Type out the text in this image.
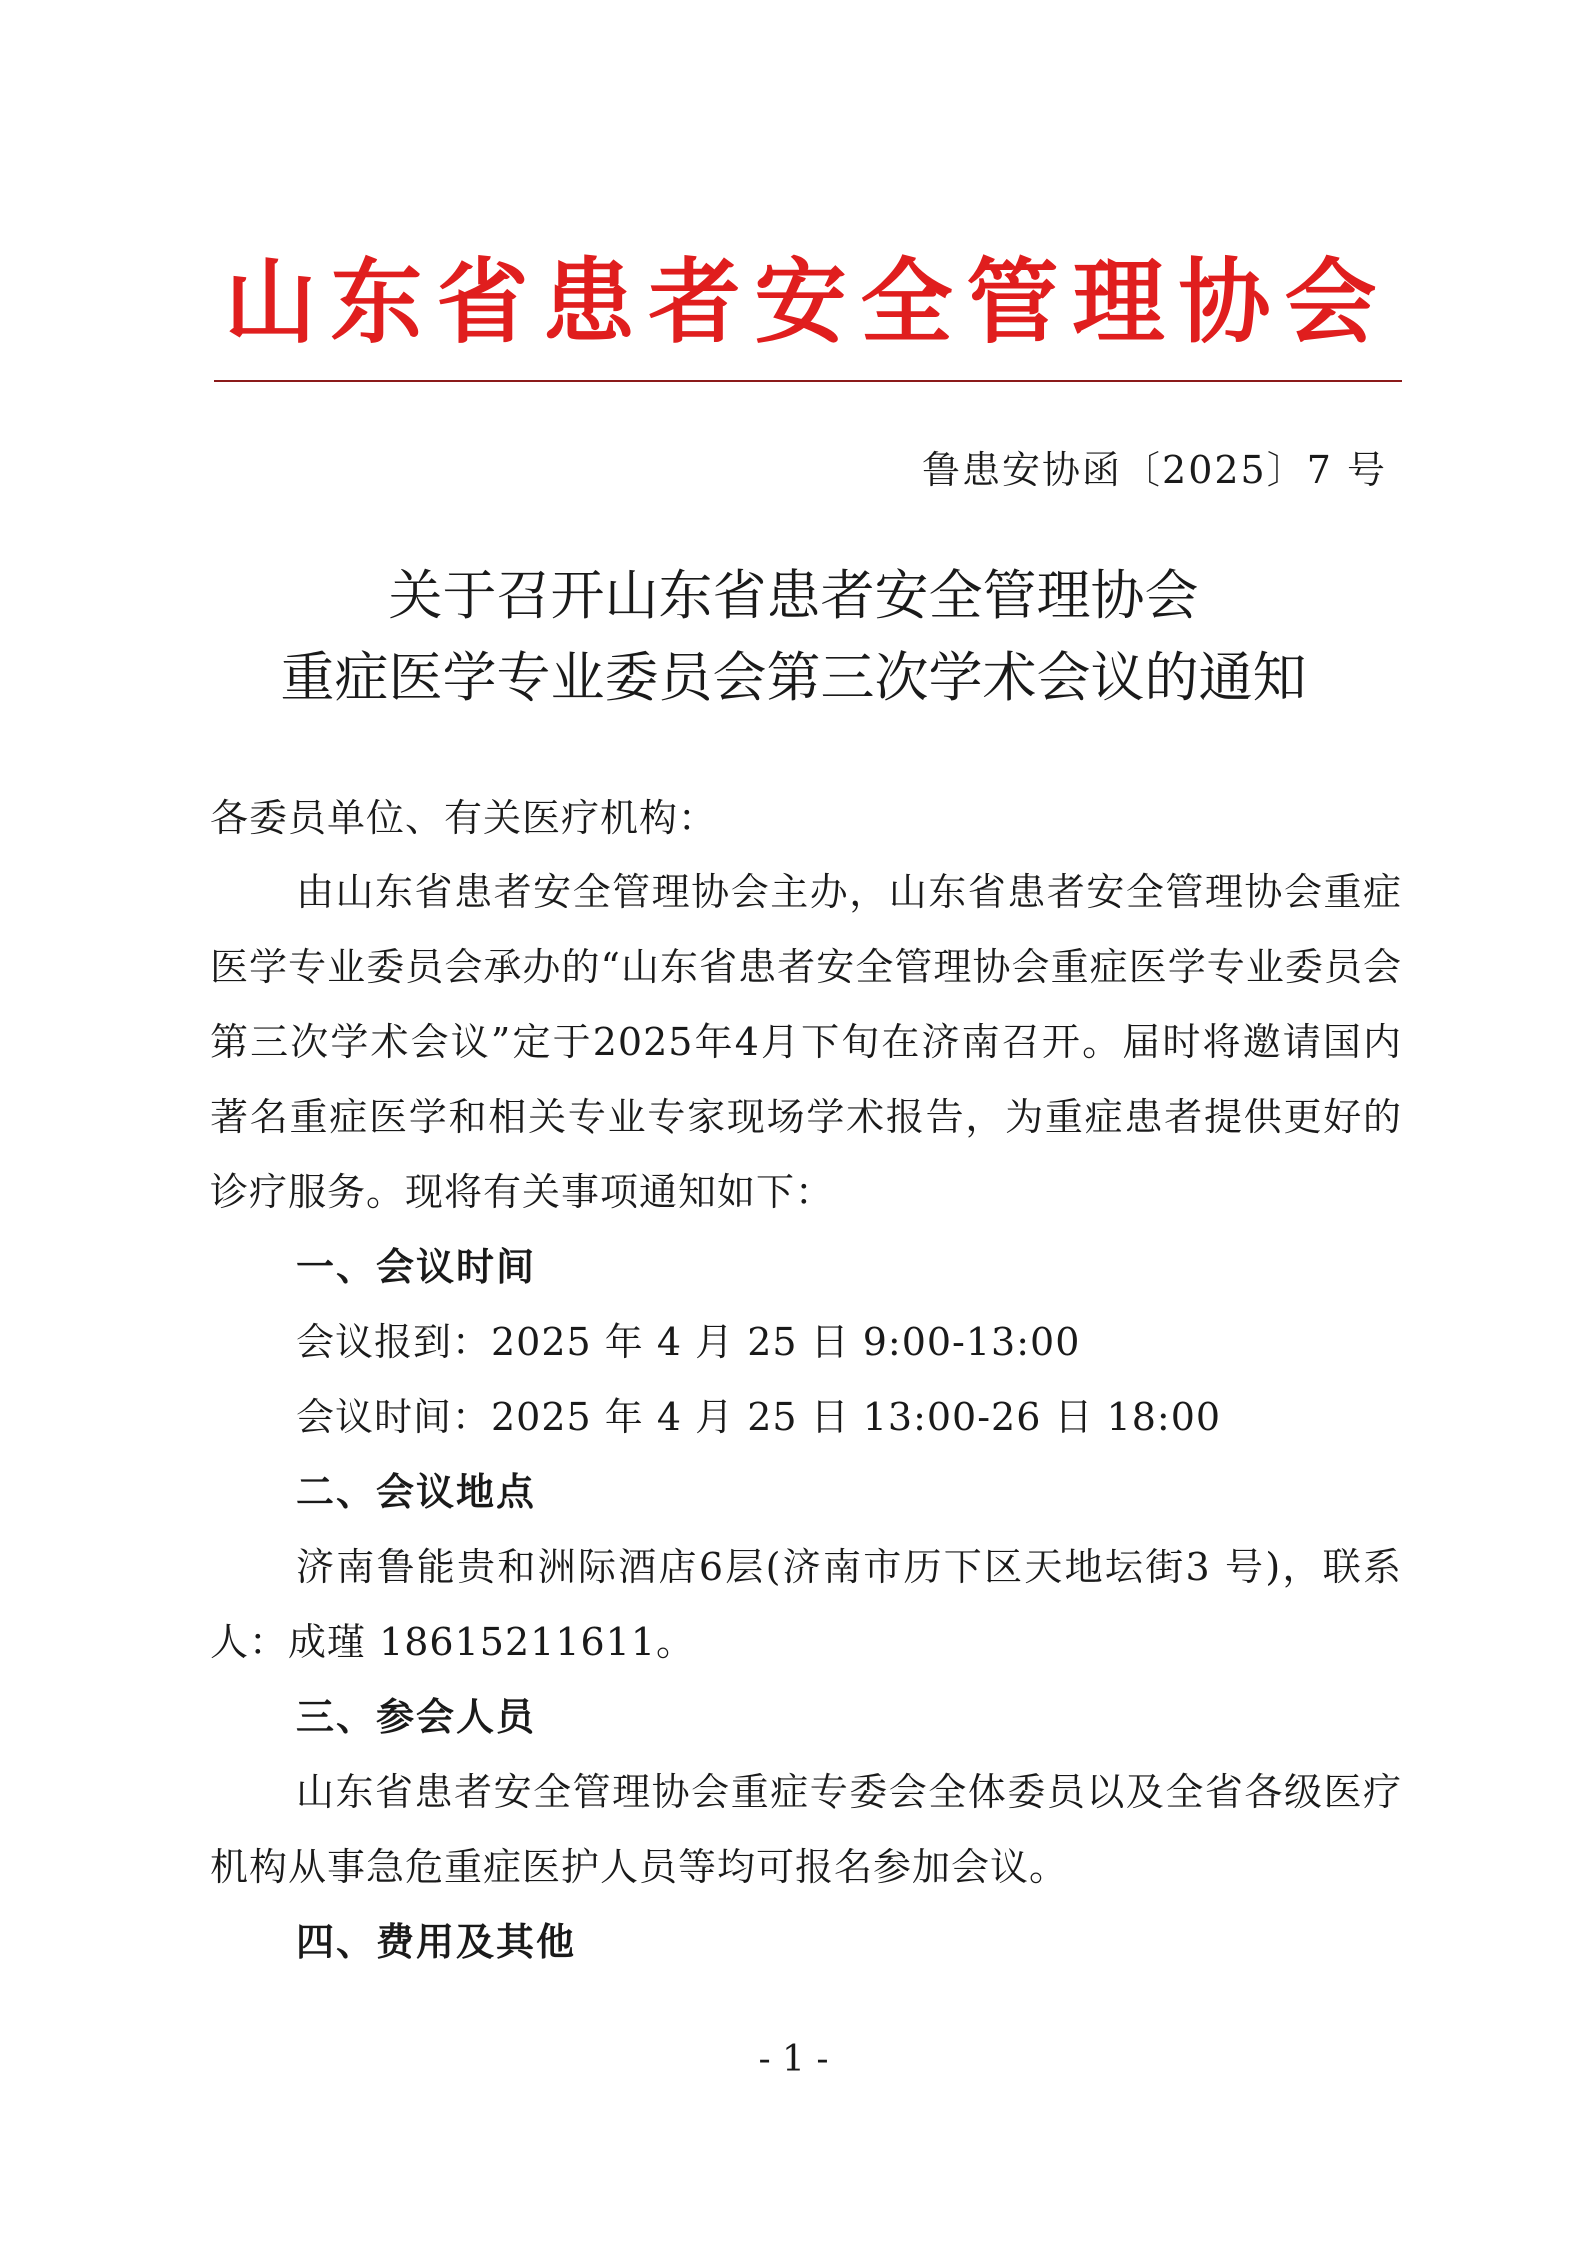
山东省患者安全管理协会
鲁患安协函〔2025〕7 号
关于召开山东省患者安全管理协会
重症医学专业委员会第三次学术会议的通知
各委员单位、有关医疗机构：
由山东省患者安全管理协会主办，山东省患者安全管理协会重症医学专业委员会承办的“山东省患者安全管理协会重症医学专业委员会第三次学术会议”定于2025年4月下旬在济南召开。届时将邀请国内著名重症医学和相关专业专家现场学术报告，为重症患者提供更好的诊疗服务。现将有关事项通知如下：
一、会议时间
会议报到：2025 年 4 月 25 日 9:00-13:00
会议时间：2025 年 4 月 25 日 13:00-26 日 18:00
二、会议地点
济南鲁能贵和洲际酒店6层(济南市历下区天地坛街3 号)，联系人：成瑾 18615211611。
三、参会人员
山东省患者安全管理协会重症专委会全体委员以及全省各级医疗机构从事急危重症医护人员等均可报名参加会议。
四、费用及其他
- 1 -
